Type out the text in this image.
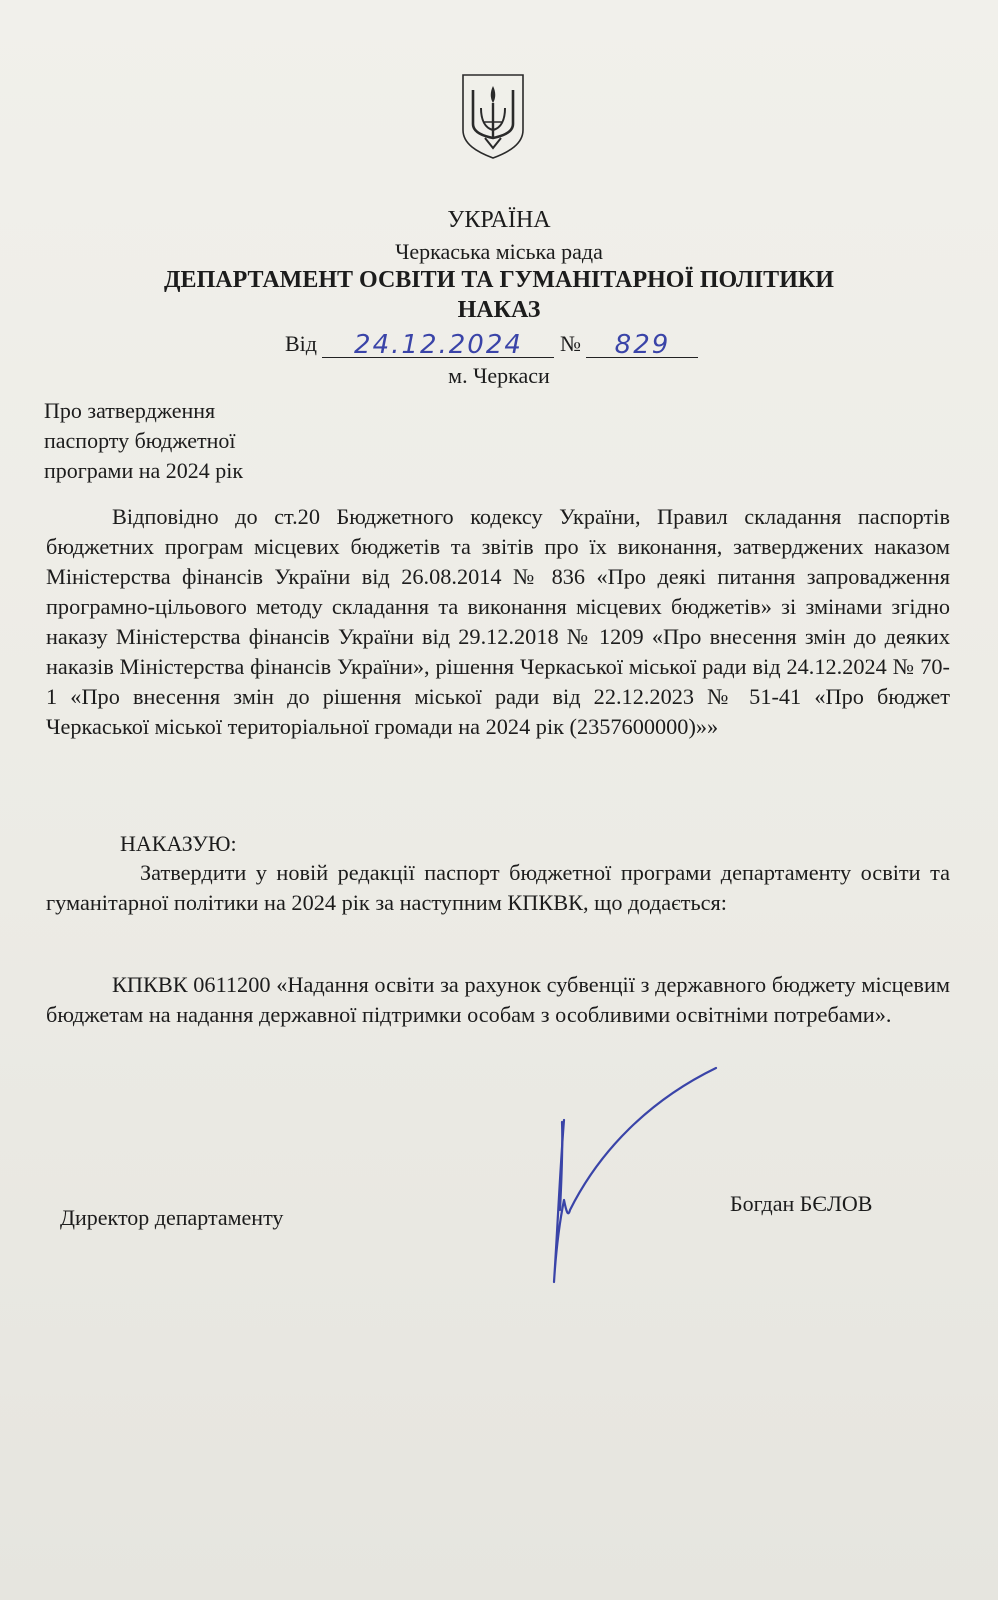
УКРАЇНА
Черкаська міська рада
ДЕПАРТАМЕНТ ОСВІТИ ТА ГУМАНІТАРНОЇ ПОЛІТИКИ
НАКАЗ
Від	24.12.2024	№	829
м. Черкаси
Про затвердження
паспорту бюджетної
програми на 2024 рік
Відповідно до ст.20 Бюджетного кодексу України, Правил складання паспортів бюджетних програм місцевих бюджетів та звітів про їх виконання, затверджених наказом Міністерства фінансів України від 26.08.2014 № 836 «Про деякі питання запровадження програмно-цільового методу складання та виконання місцевих бюджетів» зі змінами згідно наказу Міністерства фінансів України від 29.12.2018 № 1209 «Про внесення змін до деяких наказів Міністерства фінансів України», рішення Черкаської міської ради від 24.12.2024 № 70-1 «Про внесення змін до рішення міської ради від 22.12.2023 № 51-41 «Про бюджет Черкаської міської територіальної громади на 2024 рік (2357600000)»»
НАКАЗУЮ:
Затвердити у новій редакції паспорт бюджетної програми департаменту освіти та гуманітарної політики на 2024 рік за наступним КПКВК, що додається:
КПКВК 0611200 «Надання освіти за рахунок субвенції з державного бюджету місцевим бюджетам на надання державної підтримки особам з особливими освітніми потребами».
Директор департаменту
Богдан БЄЛОВ
